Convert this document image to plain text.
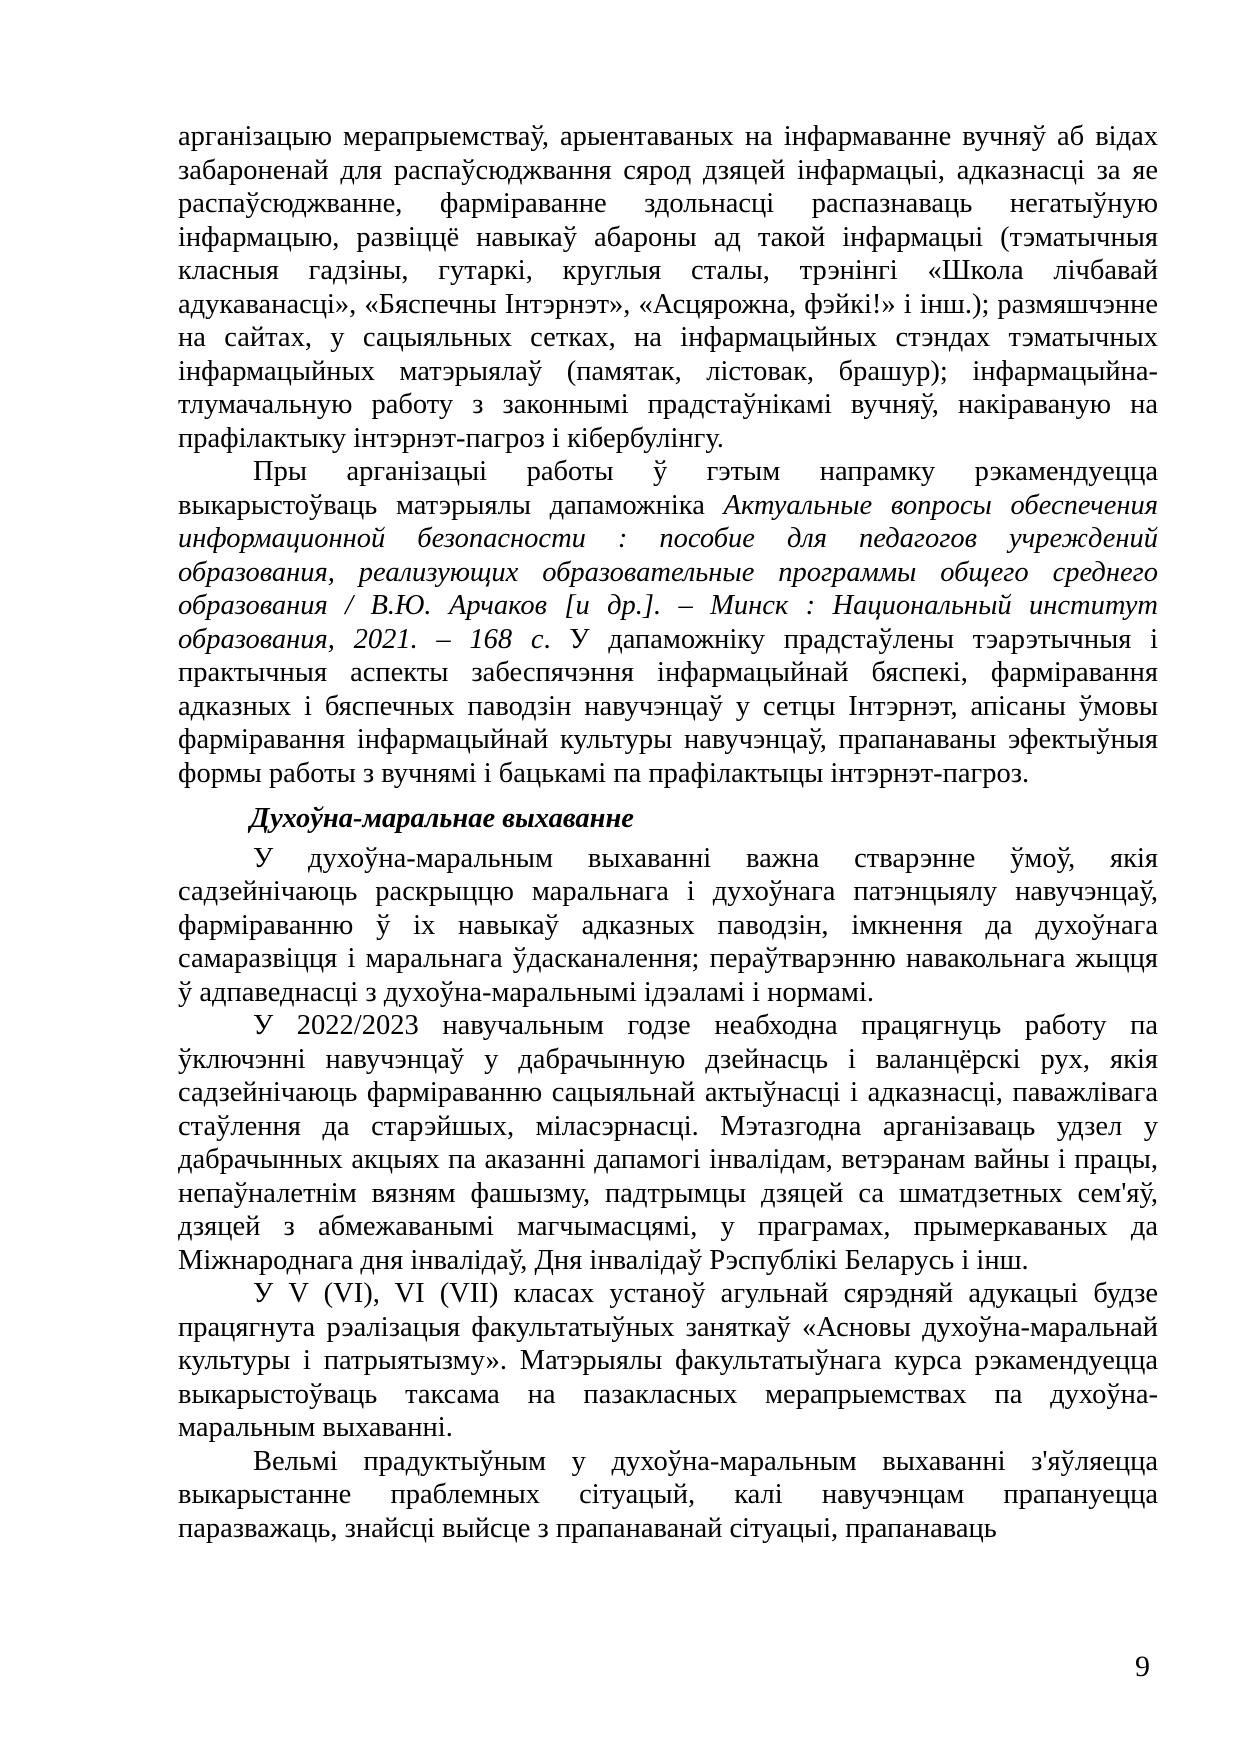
арганізацыю мерапрыемстваў, арыентаваных на інфармаванне вучняў аб відах забароненай для распаўсюджвання сярод дзяцей інфармацыі, адказнасці за яе распаўсюджванне, фарміраванне здольнасці распазнаваць негатыўную інфармацыю, развіццё навыкаў абароны ад такой інфармацыі (тэматычныя класныя гадзіны, гутаркі, круглыя сталы, трэнінгі «Школа лічбавай адукаванасці», «Бяспечны Інтэрнэт», «Асцярожна, фэйкі!» і інш.); размяшчэнне на сайтах, у сацыяльных сетках, на інфармацыйных стэндах тэматычных інфармацыйных матэрыялаў (памятак, лістовак, брашур); інфармацыйна-тлумачальную работу з законнымі прадстаўнікамі вучняў, накіраваную на прафілактыку інтэрнэт-пагроз і кібербулінгу.

Пры арганізацыі работы ў гэтым напрамку рэкамендуецца выкарыстоўваць матэрыялы дапаможніка Актуальные вопросы обеспечения информационной безопасности : пособие для педагогов учреждений образования, реализующих образовательные программы общего среднего образования / В.Ю. Арчаков [и др.]. – Минск : Национальный институт образования, 2021. – 168 с. У дапаможніку прадстаўлены тэарэтычныя і практычныя аспекты забеспячэння інфармацыйнай бяспекі, фарміравання адказных і бяспечных паводзін навучэнцаў у сетцы Інтэрнэт, апісаны ўмовы фарміравання інфармацыйнай культуры навучэнцаў, прапанаваны эфектыўныя формы работы з вучнямі і бацькамі па прафілактыцы інтэрнэт-пагроз.

Духоўна-маральнае выхаванне

У духоўна-маральным выхаванні важна стварэнне ўмоў, якія садзейнічаюць раскрыццю маральнага і духоўнага патэнцыялу навучэнцаў, фарміраванню ў іх навыкаў адказных паводзін, імкнення да духоўнага самаразвіцця і маральнага ўдасканалення; пераўтварэнню навакольнага жыцця ў адпаведнасці з духоўна-маральнымі ідэаламі і нормамі.

У 2022/2023 навучальным годзе неабходна працягнуць работу па ўключэнні навучэнцаў у дабрачынную дзейнасць і валанцёрскі рух, якія садзейнічаюць фарміраванню сацыяльнай актыўнасці і адказнасці, паважлівага стаўлення да старэйшых, міласэрнасці. Мэтазгодна арганізаваць удзел у дабрачынных акцыях па аказанні дапамогі інвалідам, ветэранам вайны і працы, непаўналетнім вязням фашызму, падтрымцы дзяцей са шматдзетных сем'яў, дзяцей з абмежаванымі магчымасцямі, у праграмах, прымеркаваных да Міжнароднага дня інвалідаў, Дня інвалідаў Рэспублікі Беларусь і інш.

У V (VI), VI (VII) класах устаноў агульнай сярэдняй адукацыі будзе працягнута рэалізацыя факультатыўных заняткаў «Асновы духоўна-маральнай культуры і патрыятызму». Матэрыялы факультатыўнага курса рэкамендуецца выкарыстоўваць таксама на пазакласных мерапрыемствах па духоўна-маральным выхаванні.

Вельмі прадуктыўным у духоўна-маральным выхаванні з'яўляецца выкарыстанне праблемных сітуацый, калі навучэнцам прапануецца паразважаць, знайсці выйсце з прапанаванай сітуацыі, прапанаваць

9
